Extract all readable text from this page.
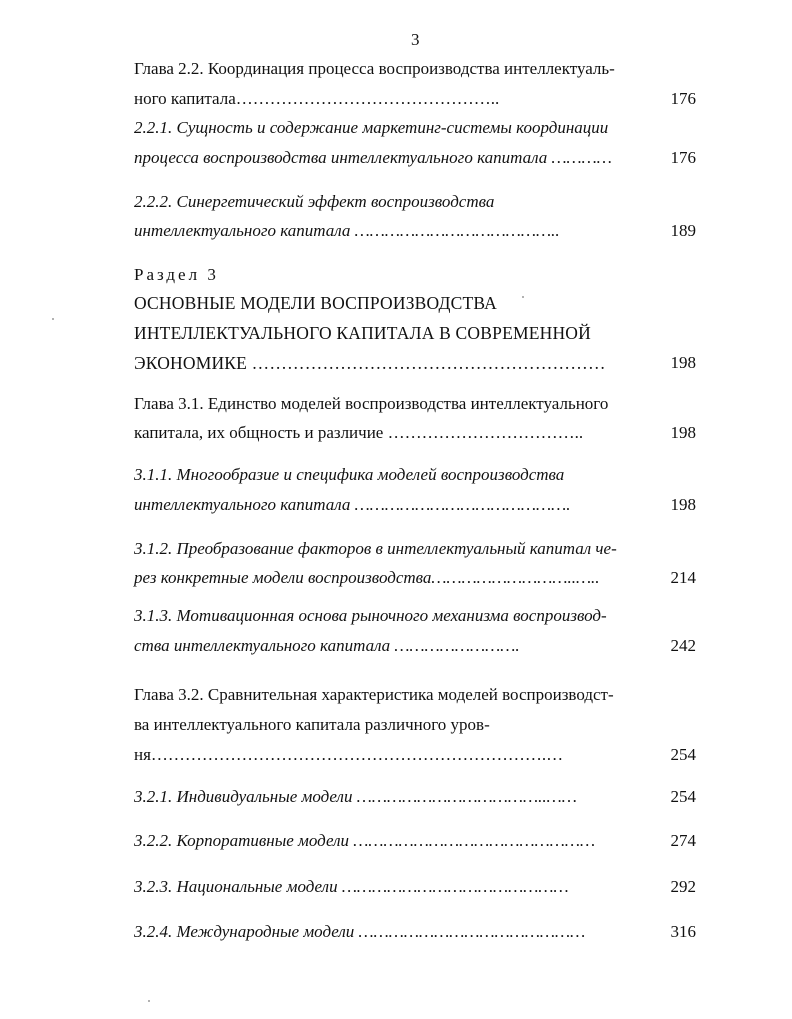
3
Глава 2.2. Координация процесса воспроизводства интеллектуаль-
ного капитала………………………………………..	176
2.2.1. Сущность и содержание маркетинг-системы координации
процесса воспроизводства интеллектуального капитала …………	176
2.2.2. Синергетический эффект воспроизводства
интеллектуального капитала …………………………………..	189
Раздел 3
ОСНОВНЫЕ МОДЕЛИ ВОСПРОИЗВОДСТВА
ИНТЕЛЛЕКТУАЛЬНОГО КАПИТАЛА В СОВРЕМЕННОЙ
ЭКОНОМИКЕ ……………………………………………………	198
Глава 3.1. Единство моделей воспроизводства интеллектуального
капитала, их общность и различие ……………………………..	198
3.1.1. Многообразие и специфика моделей воспроизводства
интеллектуального капитала …………………………………….	198
3.1.2. Преобразование факторов в интеллектуальный капитал че-
рез конкретные модели воспроизводства………………………..…..	214
3.1.3. Мотивационная основа рыночного механизма воспроизвод-
ства интеллектуального капитала …………………….	242
Глава 3.2. Сравнительная характеристика моделей воспроизводст-
ва интеллектуального капитала различного уров-
ня…………………………………………………………….…	254
3.2.1. Индивидуальные модели ………………………………..……	254
3.2.2. Корпоративные модели …………………………………………	274
3.2.3. Национальные модели ………………………………………	292
3.2.4. Международные модели ………………………………………	316
